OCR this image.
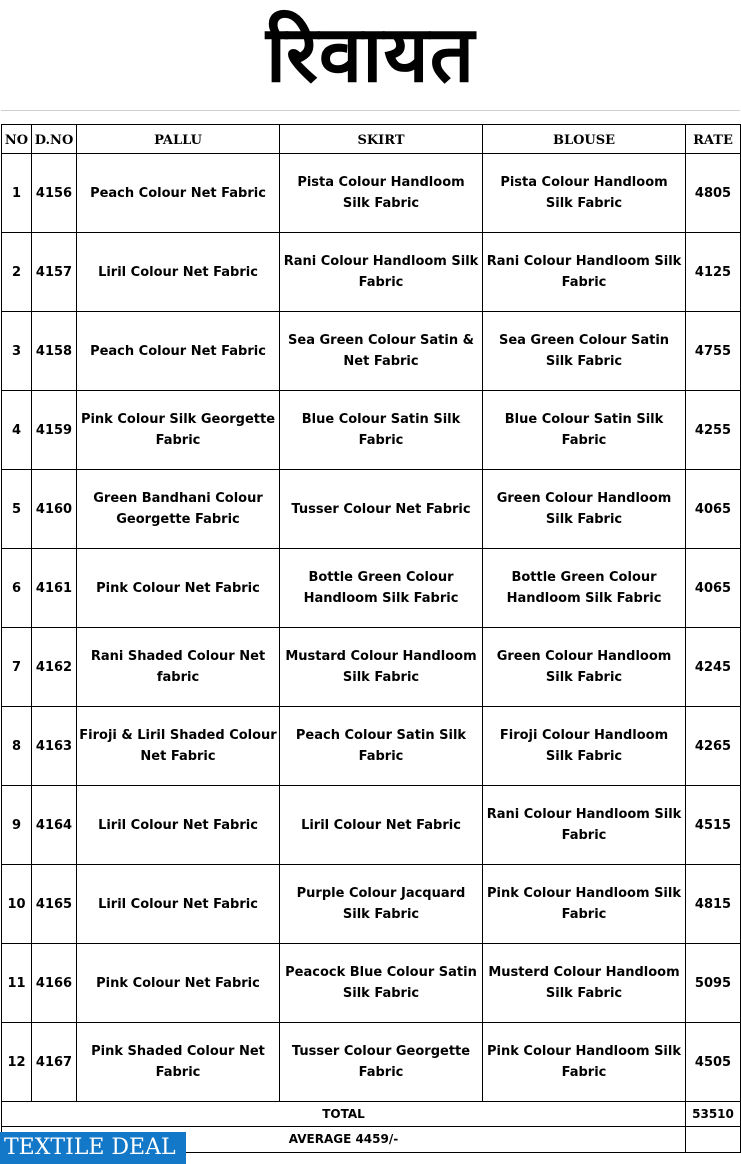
रिवायत
NO	D.NO	PALLU	SKIRT	BLOUSE	RATE
1	4156	Peach Colour Net Fabric	Pista Colour Handloom Silk Fabric	Pista Colour Handloom Silk Fabric	4805
2	4157	Liril Colour Net Fabric	Rani Colour Handloom Silk Fabric	Rani Colour Handloom Silk Fabric	4125
3	4158	Peach Colour Net Fabric	Sea Green Colour Satin & Net Fabric	Sea Green Colour Satin Silk Fabric	4755
4	4159	Pink Colour Silk Georgette Fabric	Blue Colour Satin Silk Fabric	Blue Colour Satin Silk Fabric	4255
5	4160	Green Bandhani Colour Georgette Fabric	Tusser Colour Net Fabric	Green Colour Handloom Silk Fabric	4065
6	4161	Pink Colour Net Fabric	Bottle Green Colour Handloom Silk Fabric	Bottle Green Colour Handloom Silk Fabric	4065
7	4162	Rani Shaded Colour Net fabric	Mustard Colour Handloom Silk Fabric	Green Colour Handloom Silk Fabric	4245
8	4163	Firoji & Liril Shaded Colour Net Fabric	Peach Colour Satin Silk Fabric	Firoji Colour Handloom Silk Fabric	4265
9	4164	Liril Colour Net Fabric	Liril Colour Net Fabric	Rani Colour Handloom Silk Fabric	4515
10	4165	Liril Colour Net Fabric	Purple Colour Jacquard Silk Fabric	Pink Colour Handloom Silk Fabric	4815
11	4166	Pink Colour Net Fabric	Peacock Blue Colour Satin Silk Fabric	Musterd Colour Handloom Silk Fabric	5095
12	4167	Pink Shaded Colour Net Fabric	Tusser Colour Georgette Fabric	Pink Colour Handloom Silk Fabric	4505
TOTAL					53510
AVERAGE 4459/-					
TEXTILE DEAL
